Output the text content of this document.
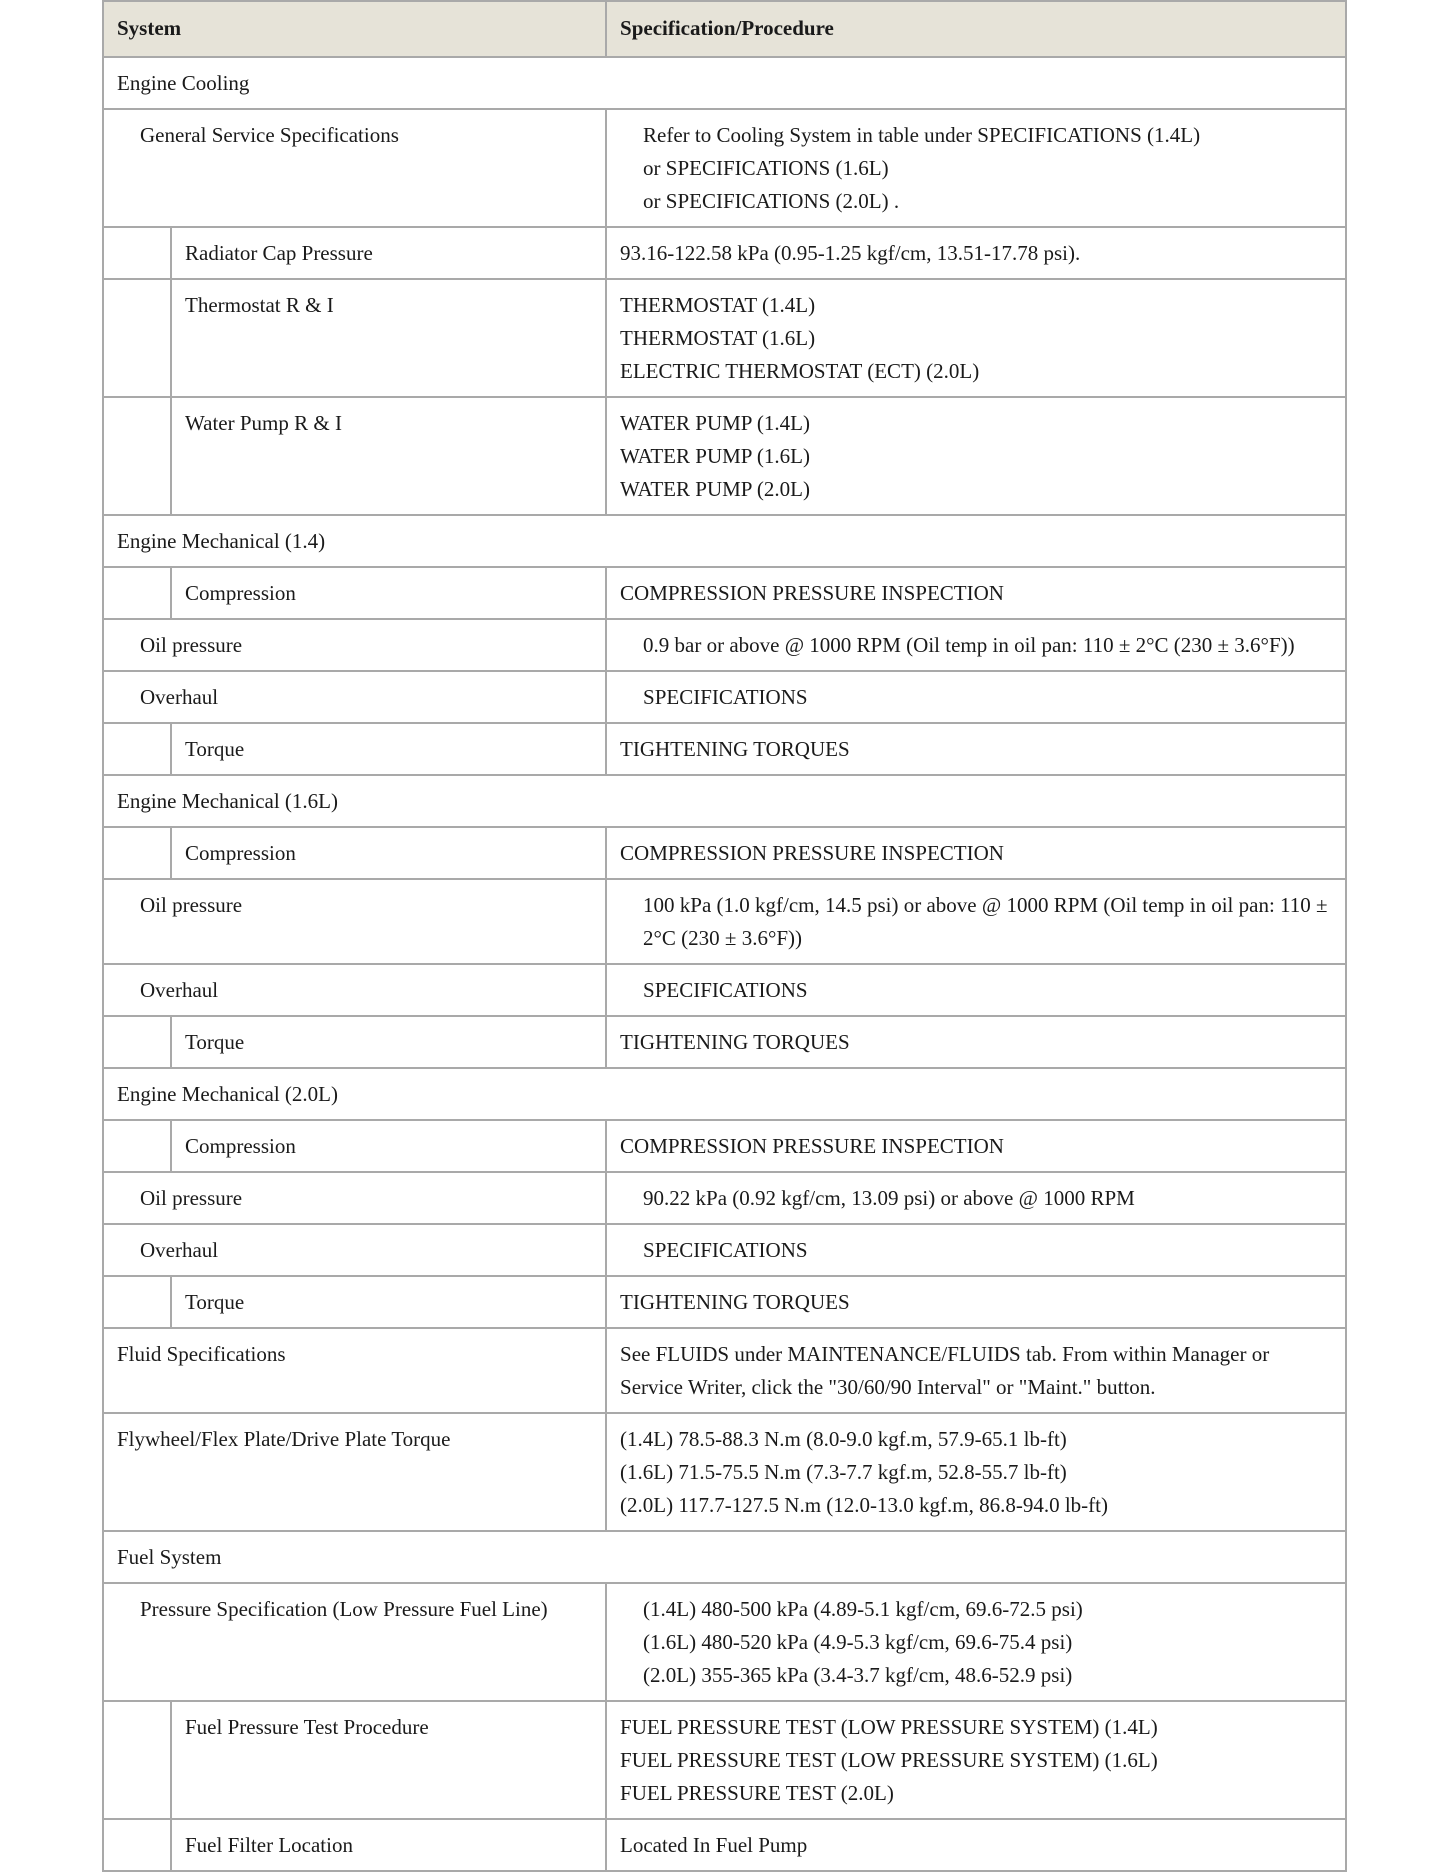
System		Specification/Procedure
Engine Cooling		
General Service Specifications		Refer to Cooling System in table under SPECIFICATIONS (1.4L)
or SPECIFICATIONS (1.6L)
or SPECIFICATIONS (2.0L) .

	Radiator Cap Pressure	93.16-122.58 kPa (0.95-1.25 kgf/cm, 13.51-17.78 psi).

	Thermostat R & I	THERMOSTAT (1.4L)
THERMOSTAT (1.6L)
ELECTRIC THERMOSTAT (ECT) (2.0L)

	Water Pump R & I	WATER PUMP (1.4L)
WATER PUMP (1.6L)
WATER PUMP (2.0L)

Engine Mechanical (1.4)		
	Compression	COMPRESSION PRESSURE INSPECTION

Oil pressure		0.9 bar or above @ 1000 RPM (Oil temp in oil pan: 110 ± 2°C (230 ± 3.6°F))

Overhaul		SPECIFICATIONS

	Torque	TIGHTENING TORQUES

Engine Mechanical (1.6L)		
	Compression	COMPRESSION PRESSURE INSPECTION

Oil pressure		100 kPa (1.0 kgf/cm, 14.5 psi) or above @ 1000 RPM (Oil temp in oil pan: 110 ± 2°C (230 ± 3.6°F))

Overhaul		SPECIFICATIONS

	Torque	TIGHTENING TORQUES

Engine Mechanical (2.0L)		
	Compression	COMPRESSION PRESSURE INSPECTION

Oil pressure		90.22 kPa (0.92 kgf/cm, 13.09 psi) or above @ 1000 RPM

Overhaul		SPECIFICATIONS

	Torque	TIGHTENING TORQUES

Fluid Specifications		See FLUIDS under MAINTENANCE/FLUIDS tab. From within Manager or Service Writer, click the "30/60/90 Interval" or "Maint." button.

Flywheel/Flex Plate/Drive Plate Torque		(1.4L) 78.5-88.3 N.m (8.0-9.0 kgf.m, 57.9-65.1 lb-ft)
(1.6L) 71.5-75.5 N.m (7.3-7.7 kgf.m, 52.8-55.7 lb-ft)
(2.0L) 117.7-127.5 N.m (12.0-13.0 kgf.m, 86.8-94.0 lb-ft)

Fuel System		
Pressure Specification (Low Pressure Fuel Line)		(1.4L) 480-500 kPa (4.89-5.1 kgf/cm, 69.6-72.5 psi)
(1.6L) 480-520 kPa (4.9-5.3 kgf/cm, 69.6-75.4 psi)
(2.0L) 355-365 kPa (3.4-3.7 kgf/cm, 48.6-52.9 psi)

	Fuel Pressure Test Procedure	FUEL PRESSURE TEST (LOW PRESSURE SYSTEM) (1.4L)
FUEL PRESSURE TEST (LOW PRESSURE SYSTEM) (1.6L)
FUEL PRESSURE TEST (2.0L)

	Fuel Filter Location	Located In Fuel Pump
